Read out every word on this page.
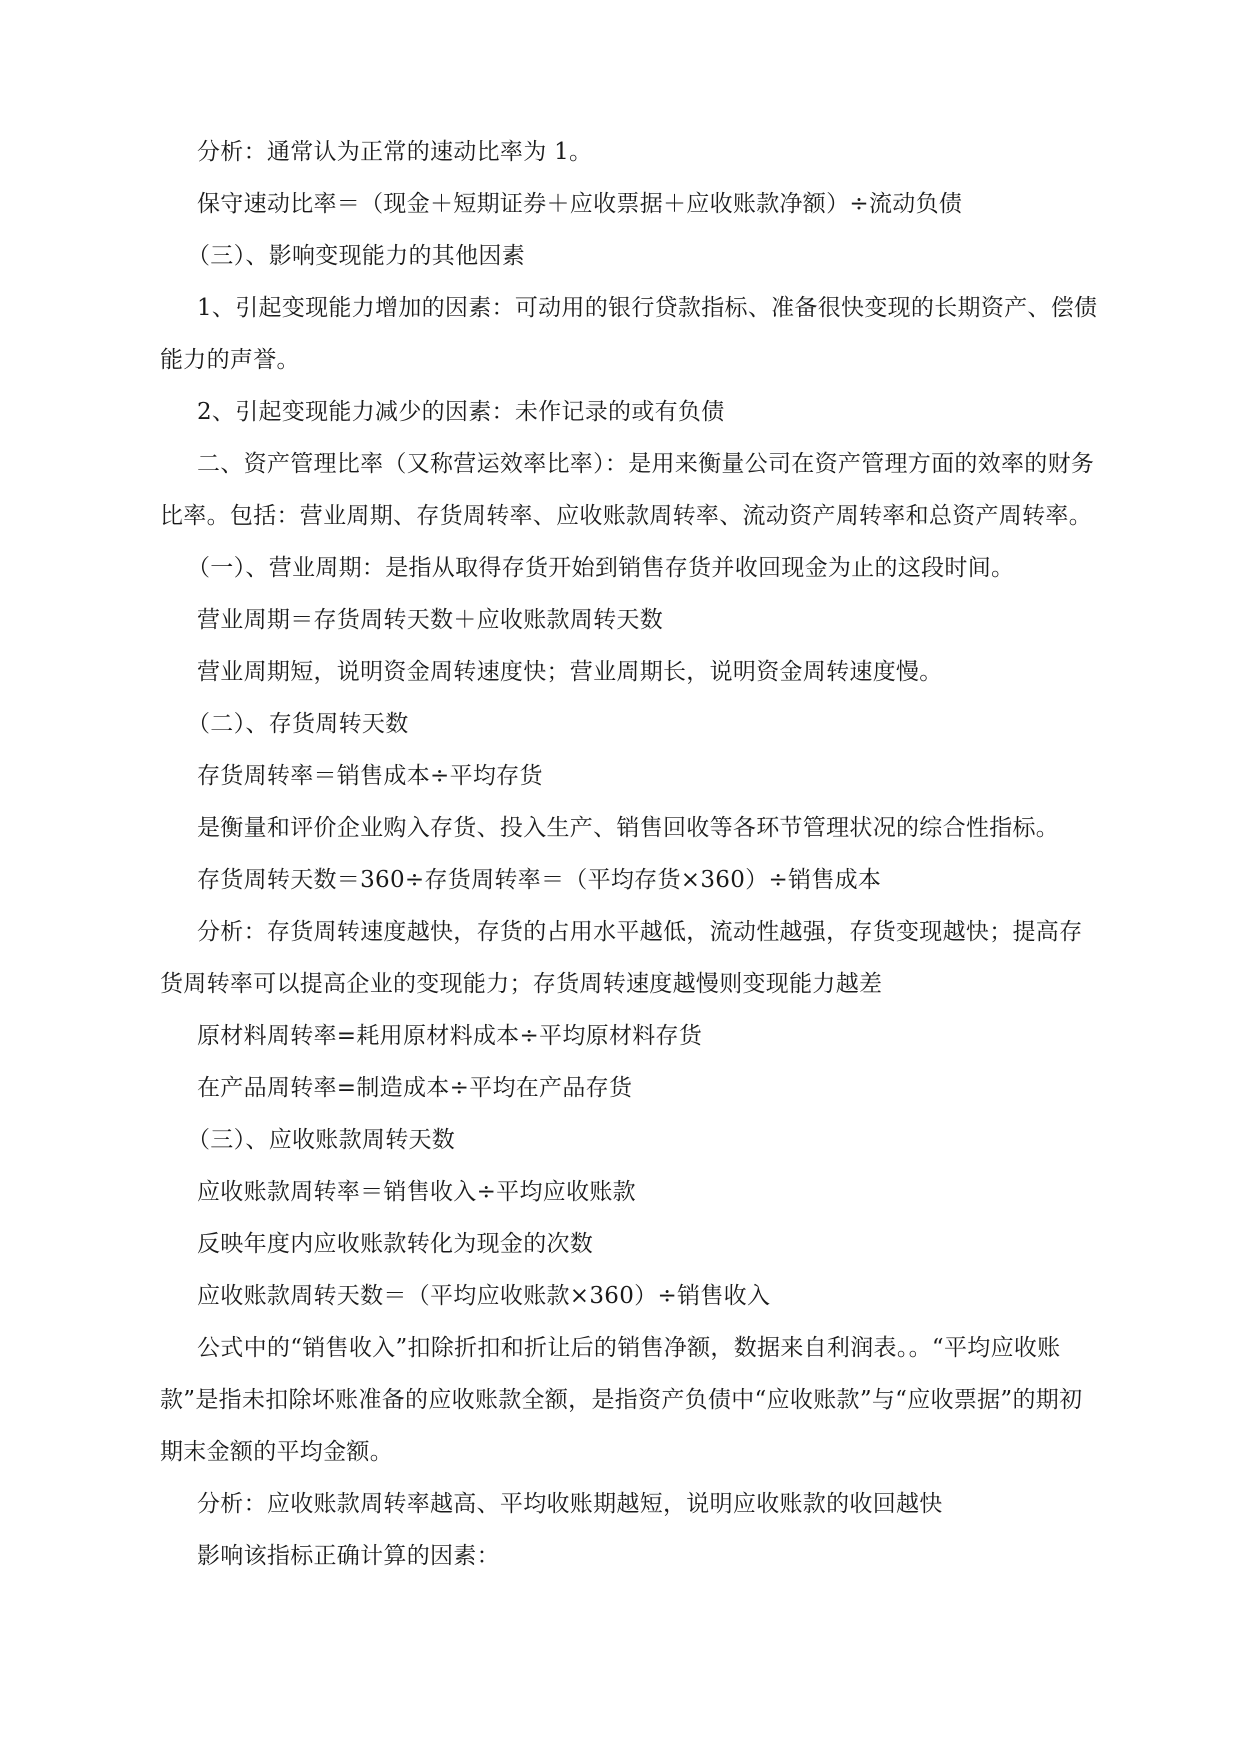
分析：通常认为正常的速动比率为 1。

保守速动比率＝（现金＋短期证券＋应收票据＋应收账款净额）÷流动负债

（三）、影响变现能力的其他因素

1、引起变现能力增加的因素：可动用的银行贷款指标、准备很快变现的长期资产、偿债能力的声誉。

2、引起变现能力减少的因素：未作记录的或有负债

二、资产管理比率（又称营运效率比率）：是用来衡量公司在资产管理方面的效率的财务比率。包括：营业周期、存货周转率、应收账款周转率、流动资产周转率和总资产周转率。

（一）、营业周期：是指从取得存货开始到销售存货并收回现金为止的这段时间。

营业周期＝存货周转天数＋应收账款周转天数

营业周期短，说明资金周转速度快；营业周期长，说明资金周转速度慢。

（二）、存货周转天数

存货周转率＝销售成本÷平均存货

是衡量和评价企业购入存货、投入生产、销售回收等各环节管理状况的综合性指标。

存货周转天数＝360÷存货周转率＝（平均存货×360）÷销售成本

分析：存货周转速度越快，存货的占用水平越低，流动性越强，存货变现越快；提高存货周转率可以提高企业的变现能力；存货周转速度越慢则变现能力越差

原材料周转率=耗用原材料成本÷平均原材料存货

在产品周转率=制造成本÷平均在产品存货

（三）、应收账款周转天数

应收账款周转率＝销售收入÷平均应收账款

反映年度内应收账款转化为现金的次数

应收账款周转天数＝（平均应收账款×360）÷销售收入

公式中的“销售收入”扣除折扣和折让后的销售净额，数据来自利润表。。“平均应收账款”是指未扣除坏账准备的应收账款全额，是指资产负债中“应收账款”与“应收票据”的期初期末金额的平均金额。

分析：应收账款周转率越高、平均收账期越短，说明应收账款的收回越快

影响该指标正确计算的因素：
